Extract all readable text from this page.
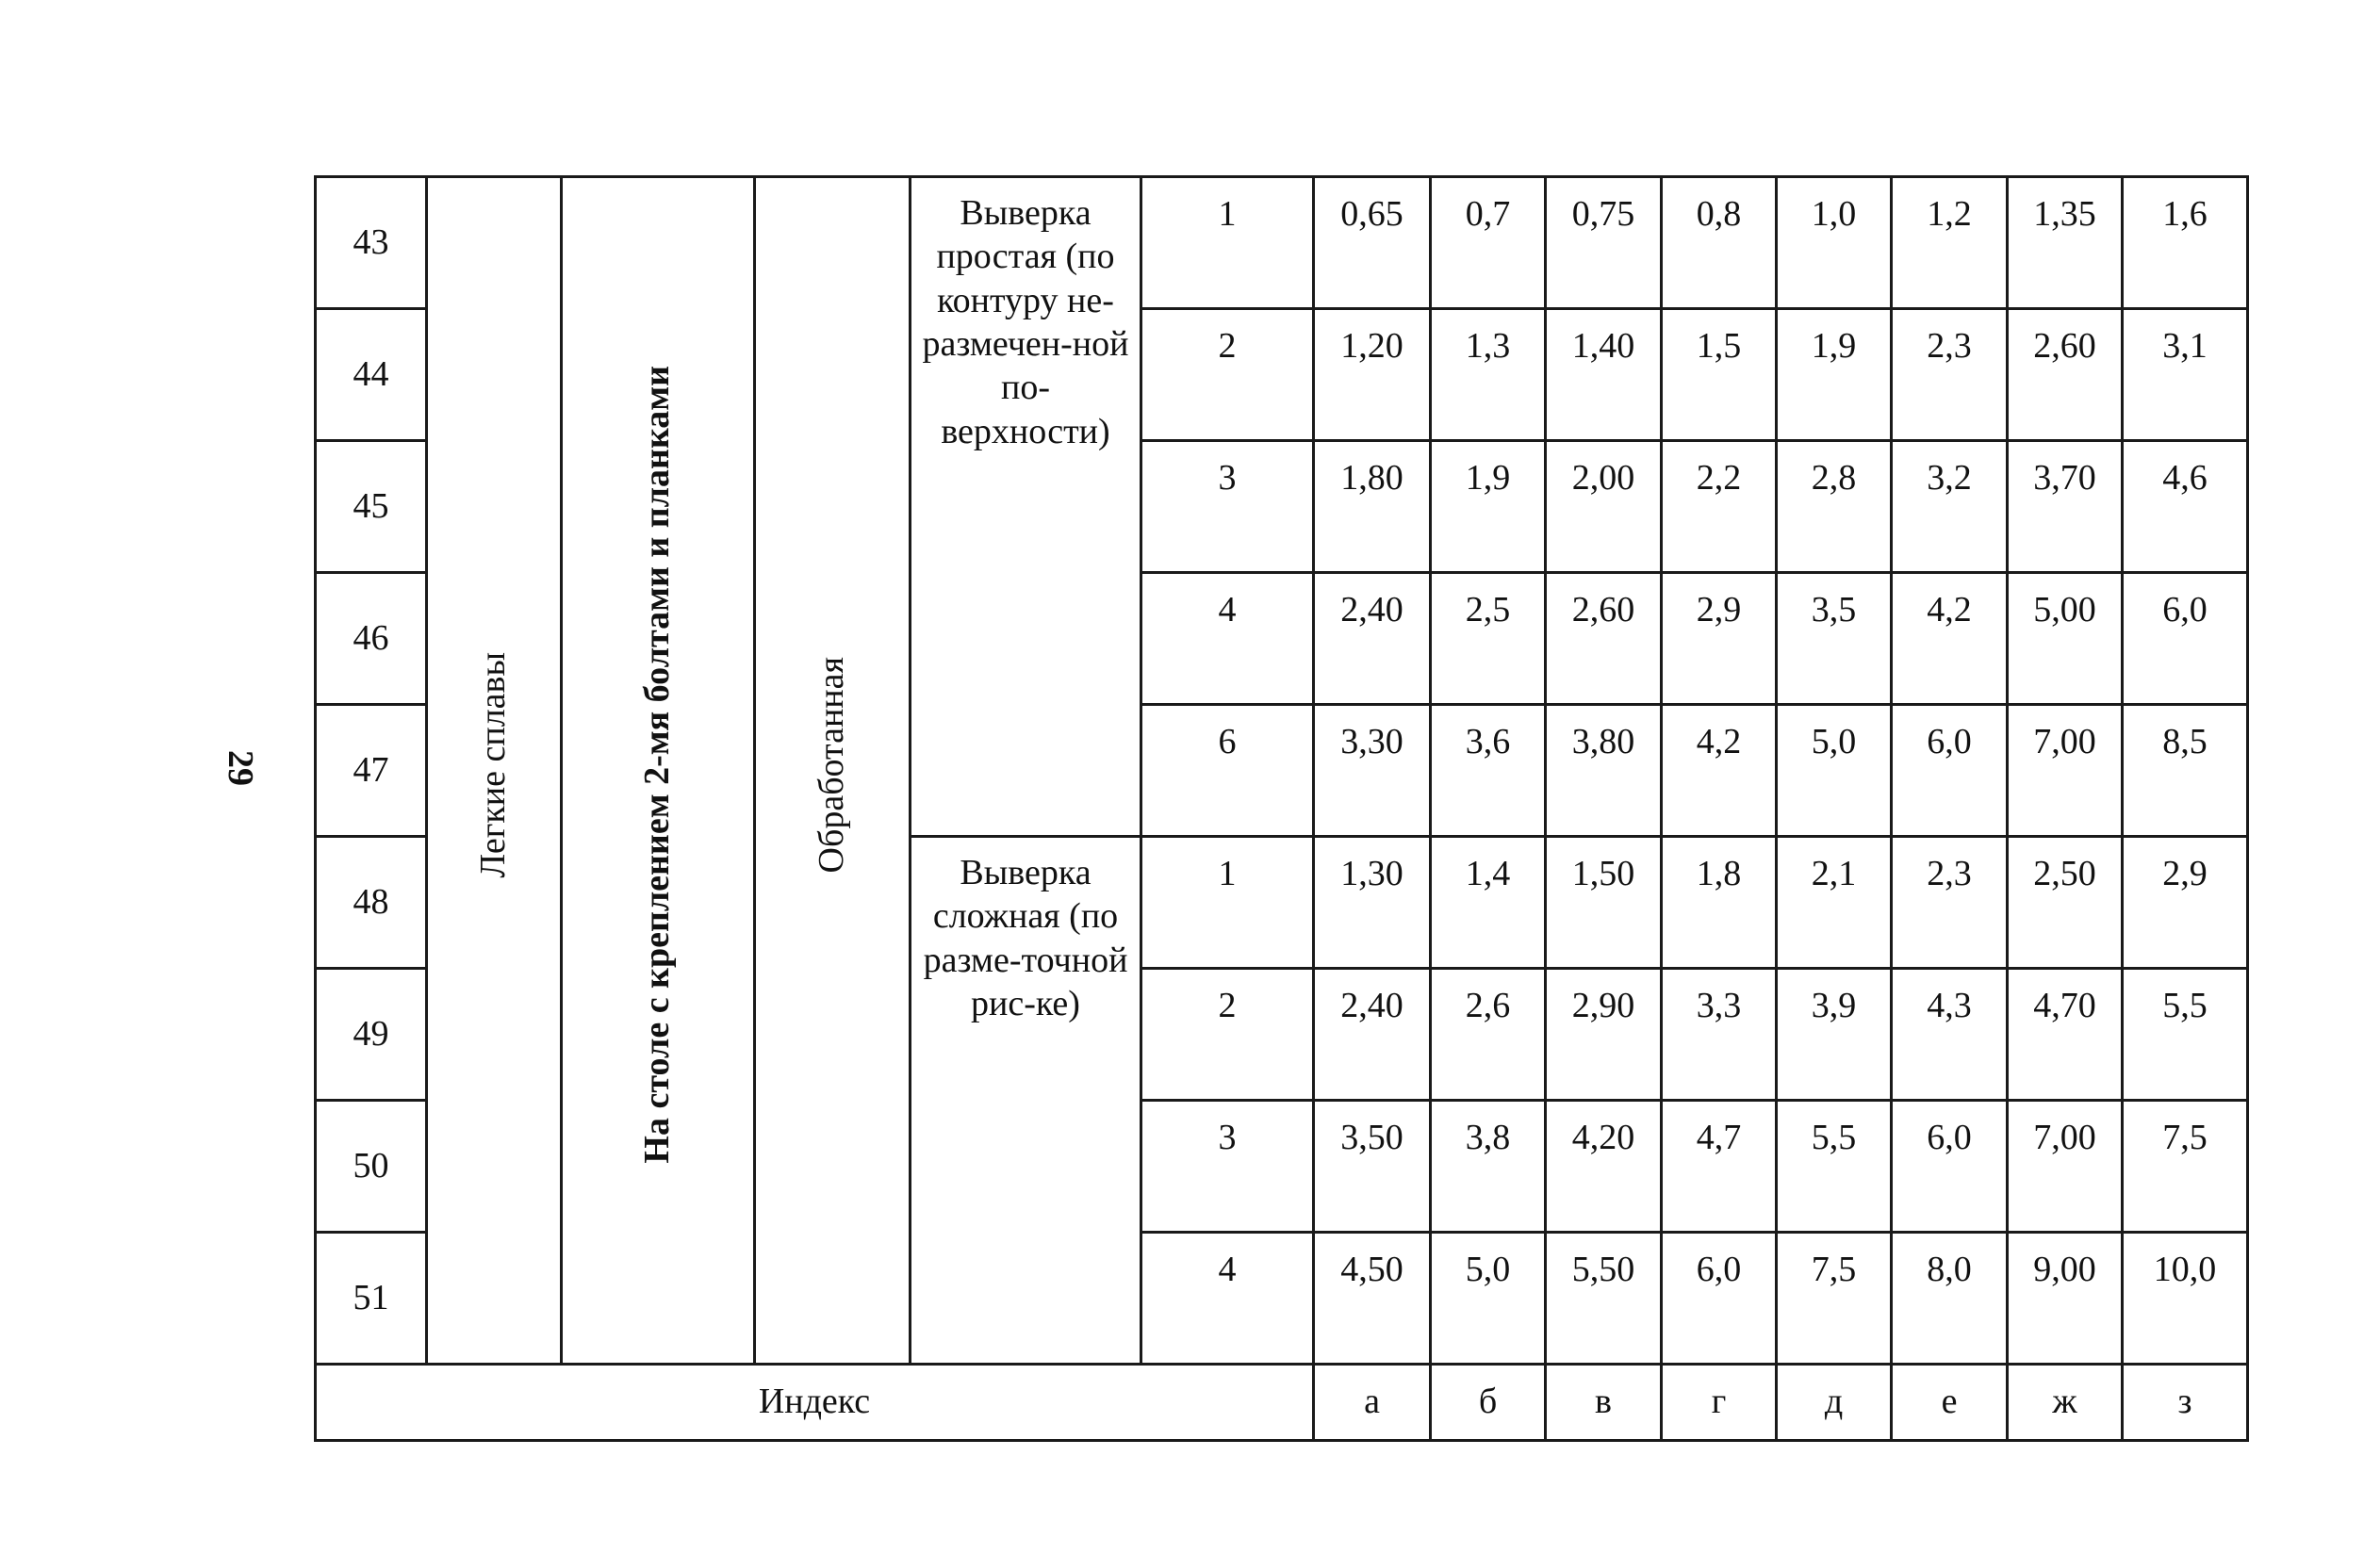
29
43	Легкие сплавы	На столе с креплением 2-мя болтами и планками	Обработанная	Выверка простая (по контуру не-размечен-ной по-верхности)	1	0,65	0,7	0,75	0,8	1,0	1,2	1,35	1,6
44					2	1,20	1,3	1,40	1,5	1,9	2,3	2,60	3,1
45					3	1,80	1,9	2,00	2,2	2,8	3,2	3,70	4,6
46					4	2,40	2,5	2,60	2,9	3,5	4,2	5,00	6,0
47					6	3,30	3,6	3,80	4,2	5,0	6,0	7,00	8,5
48				Выверка сложная (по разме-точной рис-ке)	1	1,30	1,4	1,50	1,8	2,1	2,3	2,50	2,9
49					2	2,40	2,6	2,90	3,3	3,9	4,3	4,70	5,5
50					3	3,50	3,8	4,20	4,7	5,5	6,0	7,00	7,5
51					4	4,50	5,0	5,50	6,0	7,5	8,0	9,00	10,0
Индекс						а	б	в	г	д	е	ж	з
